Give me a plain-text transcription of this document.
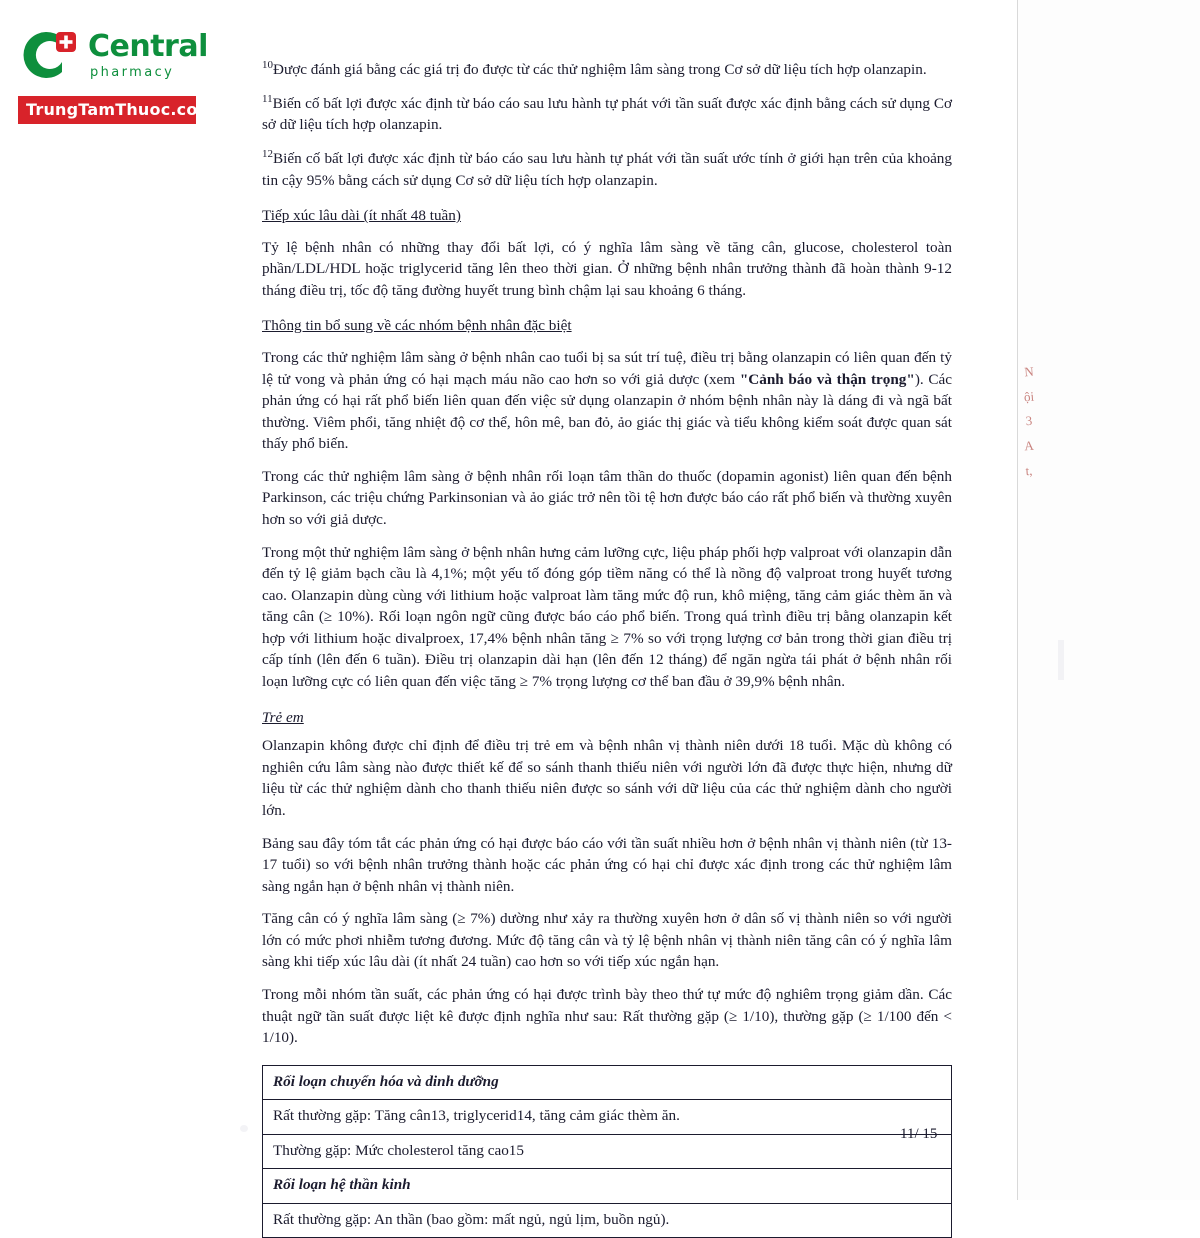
Central
pharmacy
TrungTamThuoc.com
N
ội
3
A
t,

$^{10}$Được đánh giá bằng các giá trị đo được từ các thử nghiệm lâm sàng trong Cơ sở dữ liệu tích hợp olanzapin.

$^{11}$Biến cố bất lợi được xác định từ báo cáo sau lưu hành tự phát với tần suất được xác định bằng cách sử dụng Cơ sở dữ liệu tích hợp olanzapin.

$^{12}$Biến cố bất lợi được xác định từ báo cáo sau lưu hành tự phát với tần suất ước tính ở giới hạn trên của khoảng tin cậy 95% bằng cách sử dụng Cơ sở dữ liệu tích hợp olanzapin.

Tiếp xúc lâu dài (ít nhất 48 tuần)

Tỷ lệ bệnh nhân có những thay đổi bất lợi, có ý nghĩa lâm sàng về tăng cân, glucose, cholesterol toàn phần/LDL/HDL hoặc triglycerid tăng lên theo thời gian. Ở những bệnh nhân trưởng thành đã hoàn thành 9-12 tháng điều trị, tốc độ tăng đường huyết trung bình chậm lại sau khoảng 6 tháng.

Thông tin bổ sung về các nhóm bệnh nhân đặc biệt

Trong các thử nghiệm lâm sàng ở bệnh nhân cao tuổi bị sa sút trí tuệ, điều trị bằng olanzapin có liên quan đến tỷ lệ tử vong và phản ứng có hại mạch máu não cao hơn so với giả dược (xem "Cảnh báo và thận trọng"). Các phản ứng có hại rất phổ biến liên quan đến việc sử dụng olanzapin ở nhóm bệnh nhân này là dáng đi và ngã bất thường. Viêm phổi, tăng nhiệt độ cơ thể, hôn mê, ban đỏ, ảo giác thị giác và tiểu không kiểm soát được quan sát thấy phổ biến.

Trong các thử nghiệm lâm sàng ở bệnh nhân rối loạn tâm thần do thuốc (dopamin agonist) liên quan đến bệnh Parkinson, các triệu chứng Parkinsonian và ảo giác trở nên tồi tệ hơn được báo cáo rất phổ biến và thường xuyên hơn so với giả dược.

Trong một thử nghiệm lâm sàng ở bệnh nhân hưng cảm lưỡng cực, liệu pháp phối hợp valproat với olanzapin dẫn đến tỷ lệ giảm bạch cầu là 4,1%; một yếu tố đóng góp tiềm năng có thể là nồng độ valproat trong huyết tương cao. Olanzapin dùng cùng với lithium hoặc valproat làm tăng mức độ run, khô miệng, tăng cảm giác thèm ăn và tăng cân (≥ 10%). Rối loạn ngôn ngữ cũng được báo cáo phổ biến. Trong quá trình điều trị bằng olanzapin kết hợp với lithium hoặc divalproex, 17,4% bệnh nhân tăng ≥ 7% so với trọng lượng cơ bản trong thời gian điều trị cấp tính (lên đến 6 tuần). Điều trị olanzapin dài hạn (lên đến 12 tháng) để ngăn ngừa tái phát ở bệnh nhân rối loạn lưỡng cực có liên quan đến việc tăng ≥ 7% trọng lượng cơ thể ban đầu ở 39,9% bệnh nhân.

Trẻ em

Olanzapin không được chỉ định để điều trị trẻ em và bệnh nhân vị thành niên dưới 18 tuổi. Mặc dù không có nghiên cứu lâm sàng nào được thiết kế để so sánh thanh thiếu niên với người lớn đã được thực hiện, nhưng dữ liệu từ các thử nghiệm dành cho thanh thiếu niên được so sánh với dữ liệu của các thử nghiệm dành cho người lớn.

Bảng sau đây tóm tắt các phản ứng có hại được báo cáo với tần suất nhiều hơn ở bệnh nhân vị thành niên (từ 13-17 tuổi) so với bệnh nhân trưởng thành hoặc các phản ứng có hại chỉ được xác định trong các thử nghiệm lâm sàng ngắn hạn ở bệnh nhân vị thành niên.

Tăng cân có ý nghĩa lâm sàng (≥ 7%) dường như xảy ra thường xuyên hơn ở dân số vị thành niên so với người lớn có mức phơi nhiễm tương đương. Mức độ tăng cân và tỷ lệ bệnh nhân vị thành niên tăng cân có ý nghĩa lâm sàng khi tiếp xúc lâu dài (ít nhất 24 tuần) cao hơn so với tiếp xúc ngắn hạn.

Trong mỗi nhóm tần suất, các phản ứng có hại được trình bày theo thứ tự mức độ nghiêm trọng giảm dần. Các thuật ngữ tần suất được liệt kê được định nghĩa như sau: Rất thường gặp (≥ 1/10), thường gặp (≥ 1/100 đến < 1/10).

Rối loạn chuyển hóa và dinh dưỡng
Rất thường gặp: Tăng cân13, triglycerid14, tăng cảm giác thèm ăn.
Thường gặp: Mức cholesterol tăng cao15
Rối loạn hệ thần kinh
Rất thường gặp: An thần (bao gồm: mất ngủ, ngủ lịm, buồn ngủ).
11/ 15
